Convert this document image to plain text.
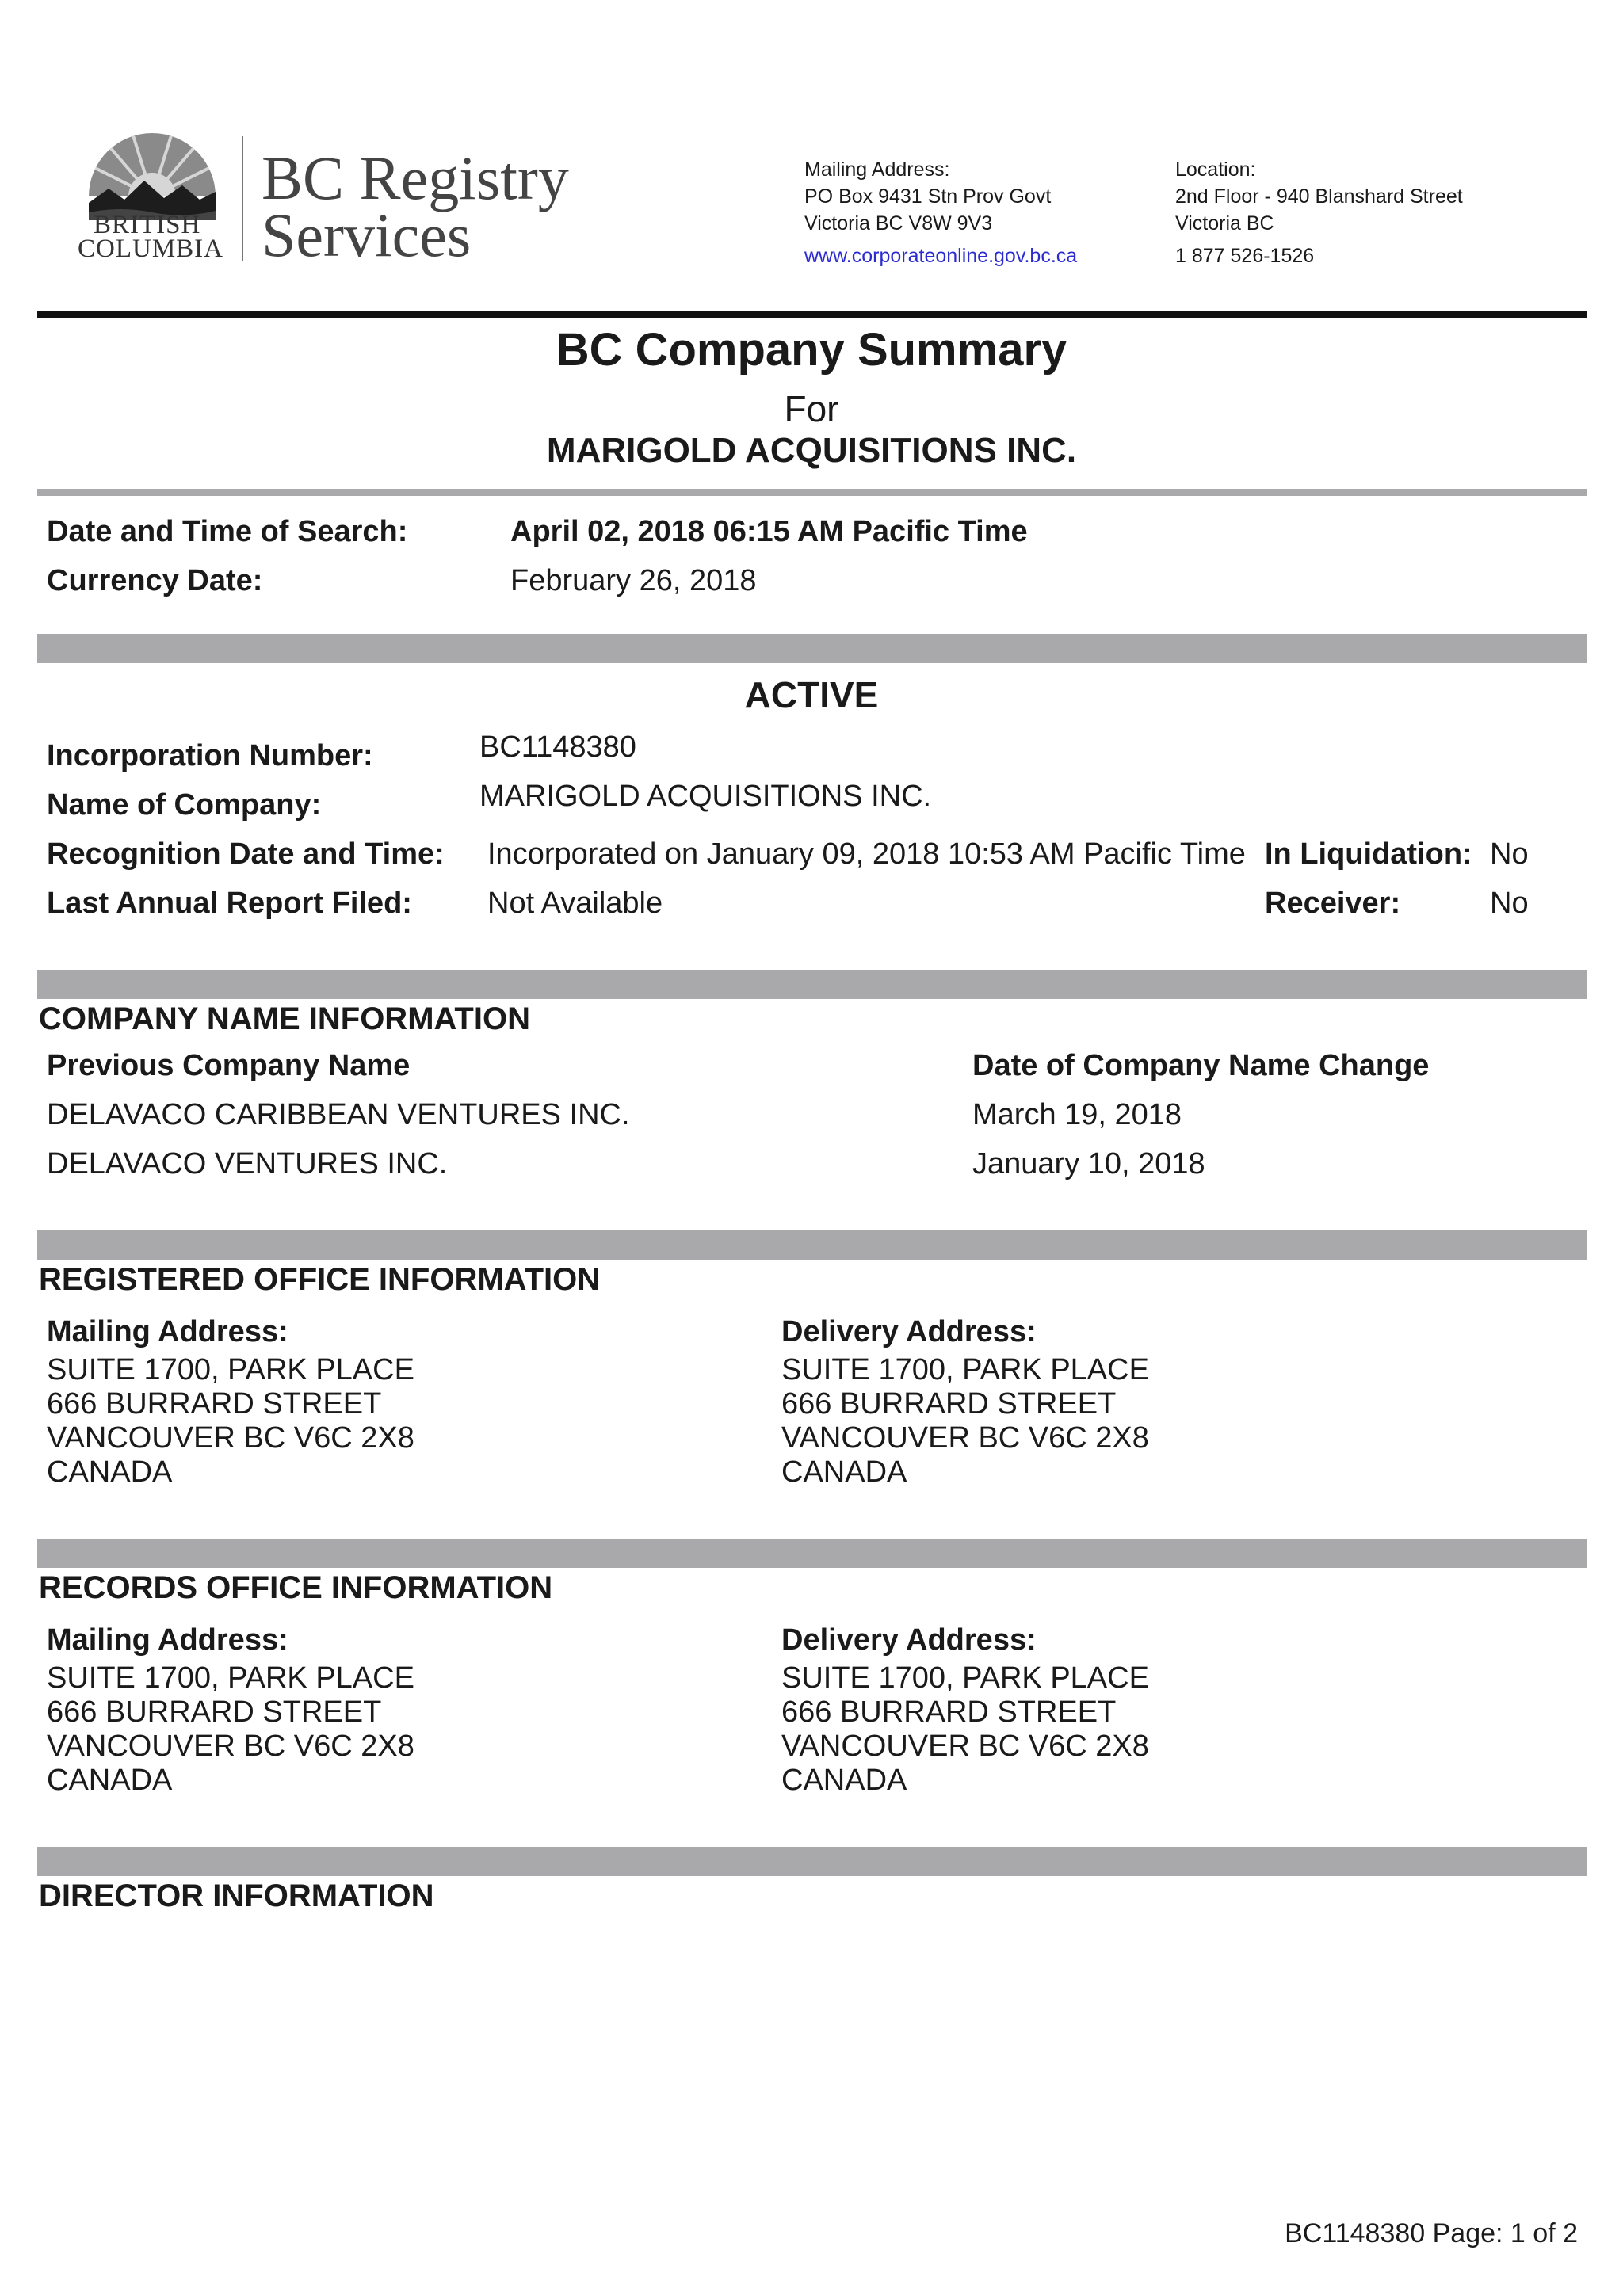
BRITISH
COLUMBIA
BC Registry
Services
Mailing Address:
PO Box 9431 Stn Prov Govt
Victoria BC V8W 9V3
www.corporateonline.gov.bc.ca
Location:
2nd Floor - 940 Blanshard Street
Victoria BC
1 877 526-1526
BC Company Summary
For
MARIGOLD ACQUISITIONS INC.
Date and Time of Search:	April 02, 2018 06:15 AM Pacific Time
Currency Date:	February 26, 2018
ACTIVE
Incorporation Number:	BC1148380
Name of Company:	MARIGOLD ACQUISITIONS INC.
Recognition Date and Time: Incorporated on January 09, 2018 10:53 AM Pacific Time In Liquidation: No
Last Annual Report Filed:	Not Available	Receiver:	No
COMPANY NAME INFORMATION
Previous Company Name	Date of Company Name Change
DELAVACO CARIBBEAN VENTURES INC.	March 19, 2018
DELAVACO VENTURES INC.	January 10, 2018
REGISTERED OFFICE INFORMATION
Mailing Address:
SUITE 1700, PARK PLACE
666 BURRARD STREET
VANCOUVER BC V6C 2X8
CANADA
Delivery Address:
SUITE 1700, PARK PLACE
666 BURRARD STREET
VANCOUVER BC V6C 2X8
CANADA
RECORDS OFFICE INFORMATION
Mailing Address:
SUITE 1700, PARK PLACE
666 BURRARD STREET
VANCOUVER BC V6C 2X8
CANADA
Delivery Address:
SUITE 1700, PARK PLACE
666 BURRARD STREET
VANCOUVER BC V6C 2X8
CANADA
DIRECTOR INFORMATION
BC1148380 Page: 1 of 2
